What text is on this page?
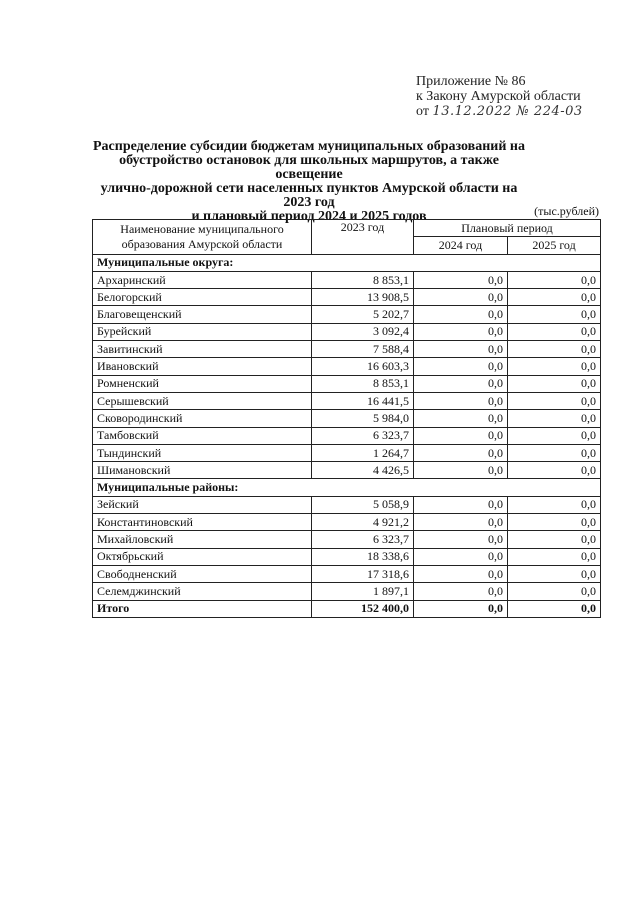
Приложение № 86
к Закону Амурской области
от 13.12.2022 № 224-03
Распределение субсидии бюджетам муниципальных образований на
обустройство остановок для школьных маршрутов, а также освещение
улично-дорожной сети населенных пунктов Амурской области на 2023 год
и плановый период 2024 и 2025 годов	(тыс.рублей)
Наименование муниципального
образования Амурской области	2023 год	Плановый период	
		2024 год	2025 год
Муниципальные округа:			
Архаринский	8 853,1	0,0	0,0
Белогорский	13 908,5	0,0	0,0
Благовещенский	5 202,7	0,0	0,0
Бурейский	3 092,4	0,0	0,0
Завитинский	7 588,4	0,0	0,0
Ивановский	16 603,3	0,0	0,0
Ромненский	8 853,1	0,0	0,0
Серышевский	16 441,5	0,0	0,0
Сковородинский	5 984,0	0,0	0,0
Тамбовский	6 323,7	0,0	0,0
Тындинский	1 264,7	0,0	0,0
Шимановский	4 426,5	0,0	0,0
Муниципальные районы:			
Зейский	5 058,9	0,0	0,0
Константиновский	4 921,2	0,0	0,0
Михайловский	6 323,7	0,0	0,0
Октябрьский	18 338,6	0,0	0,0
Свободненский	17 318,6	0,0	0,0
Селемджинский	1 897,1	0,0	0,0
Итого	152 400,0	0,0	0,0
